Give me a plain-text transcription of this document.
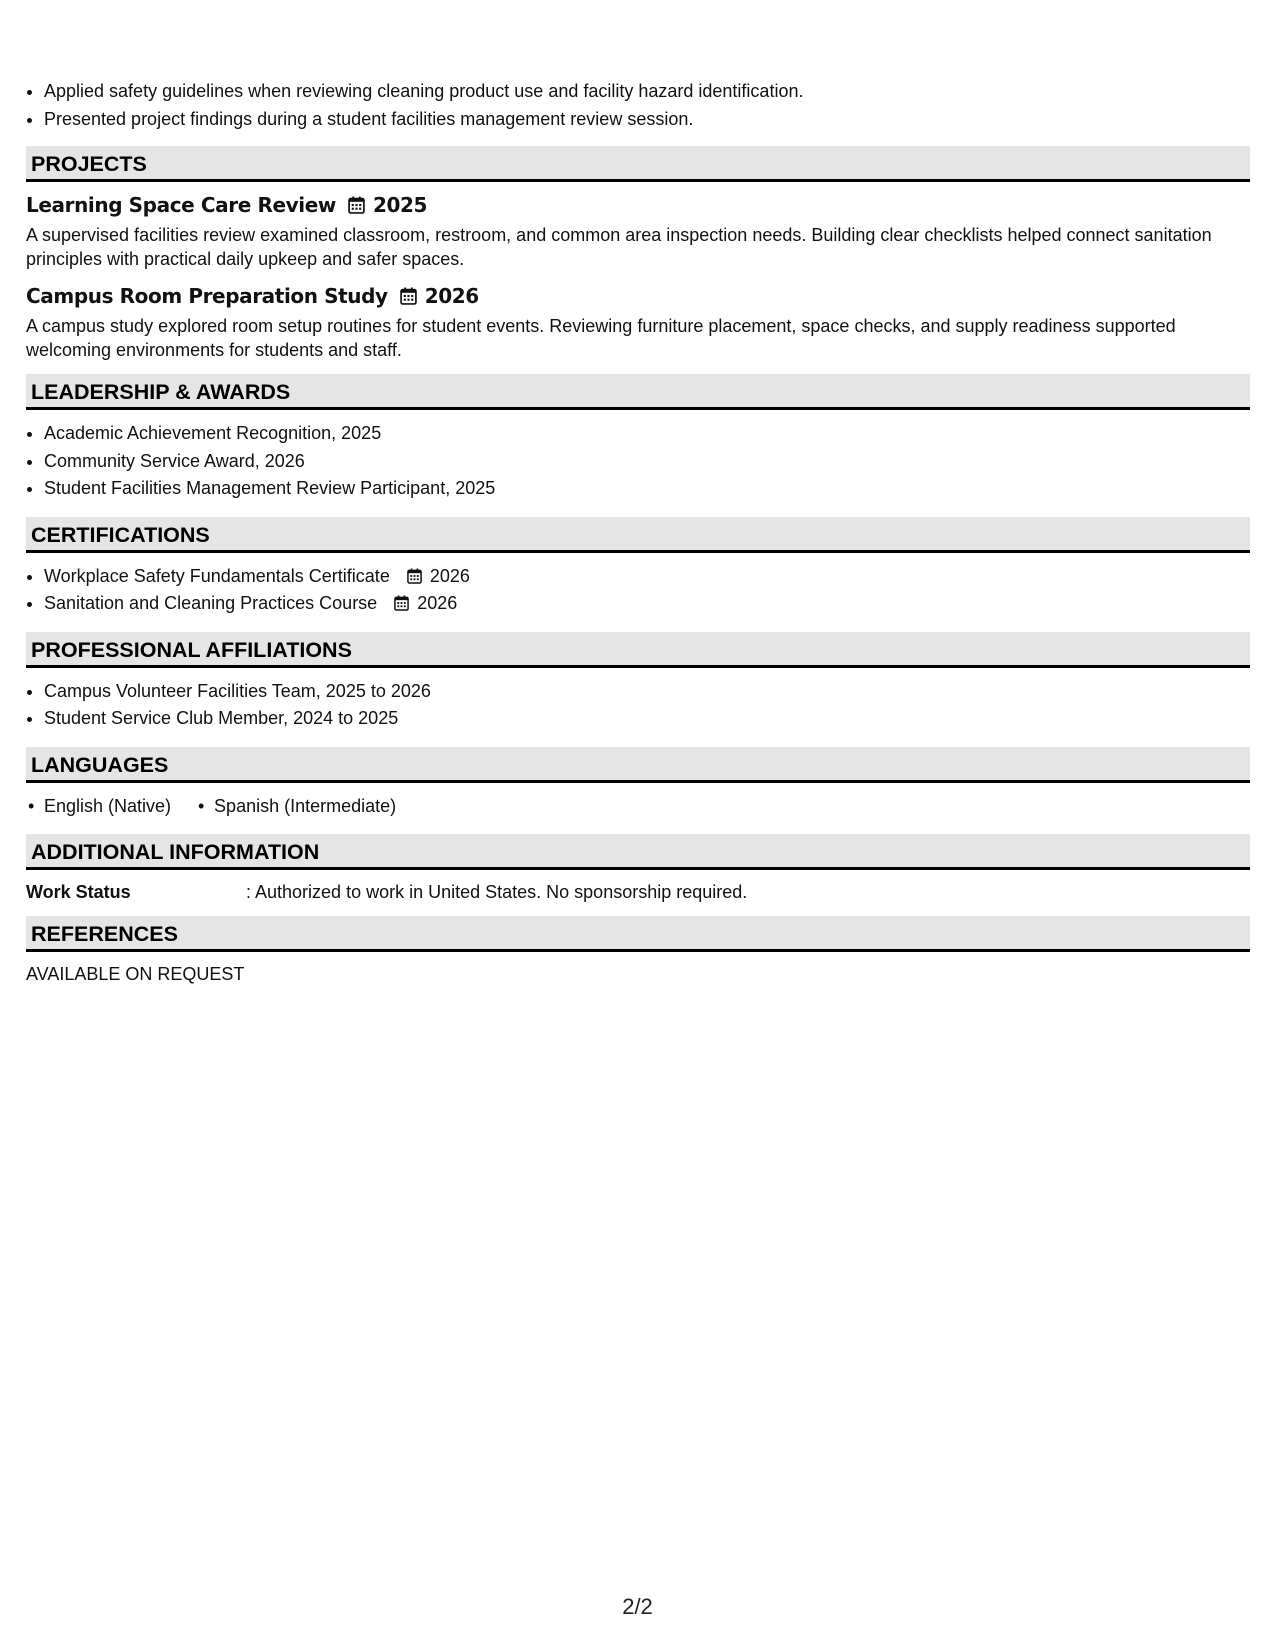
• Applied safety guidelines when reviewing cleaning product use and facility hazard identification.
• Presented project findings during a student facilities management review session.
PROJECTS
Learning Space Care Review 2025
A supervised facilities review examined classroom, restroom, and common area inspection needs. Building clear checklists helped connect sanitation principles with practical daily upkeep and safer spaces.
Campus Room Preparation Study 2026
A campus study explored room setup routines for student events. Reviewing furniture placement, space checks, and supply readiness supported welcoming environments for students and staff.
LEADERSHIP & AWARDS
• Academic Achievement Recognition, 2025
• Community Service Award, 2026
• Student Facilities Management Review Participant, 2025
CERTIFICATIONS
• Workplace Safety Fundamentals Certificate 2026
• Sanitation and Cleaning Practices Course 2026
PROFESSIONAL AFFILIATIONS
• Campus Volunteer Facilities Team, 2025 to 2026
• Student Service Club Member, 2024 to 2025
LANGUAGES
• English (Native)
•	Spanish (Intermediate)
ADDITIONAL INFORMATION
Work Status	: Authorized to work in United States. No sponsorship required.
REFERENCES
AVAILABLE ON REQUEST
2/2
